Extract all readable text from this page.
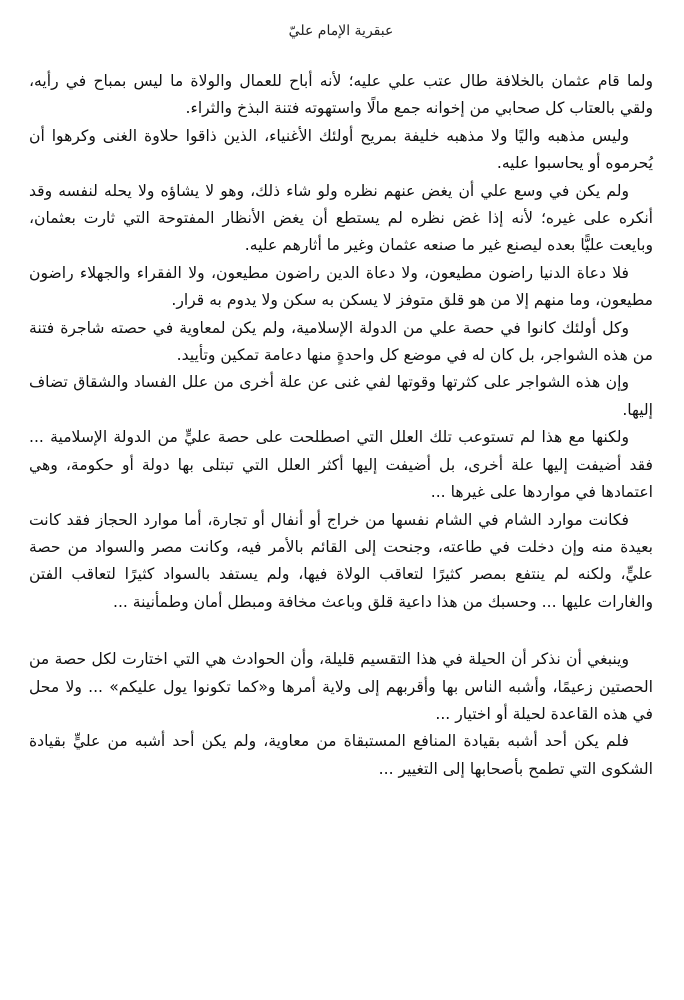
عبقرية الإمام عليّ

ولما قام عثمان بالخلافة طال عتب علي عليه؛ لأنه أباح للعمال والولاة ما ليس بمباح في رأيه، ولقي بالعتاب كل صحابي من إخوانه جمع مالًا واستهوته فتنة البذخ والثراء.

وليس مذهبه واليًا ولا مذهبه خليفة بمريح أولئك الأغنياء، الذين ذاقوا حلاوة الغنى وكرهوا أن يُحرموه أو يحاسبوا عليه.

ولم يكن في وسع علي أن يغض عنهم نظره ولو شاء ذلك، وهو لا يشاؤه ولا يحله لنفسه وقد أنكره على غيره؛ لأنه إذا غض نظره لم يستطع أن يغض الأنظار المفتوحة التي ثارت بعثمان، وبايعت عليًّا بعده ليصنع غير ما صنعه عثمان وغير ما أثارهم عليه.

فلا دعاة الدنيا راضون مطيعون، ولا دعاة الدين راضون مطيعون، ولا الفقراء والجهلاء راضون مطيعون، وما منهم إلا من هو قلق متوفز لا يسكن به سكن ولا يدوم به قرار.

وكل أولئك كانوا في حصة علي من الدولة الإسلامية، ولم يكن لمعاوية في حصته شاجرة فتنة من هذه الشواجر، بل كان له في موضع كل واحدةٍ منها دعامة تمكين وتأييد.

وإن هذه الشواجر على كثرتها وقوتها لفي غنى عن علة أخرى من علل الفساد والشقاق تضاف إليها.

ولكنها مع هذا لم تستوعب تلك العلل التي اصطلحت على حصة عليٍّ من الدولة الإسلامية ... فقد أضيفت إليها علة أخرى، بل أضيفت إليها أكثر العلل التي تبتلى بها دولة أو حكومة، وهي اعتمادها في مواردها على غيرها ...

فكانت موارد الشام في الشام نفسها من خراج أو أنفال أو تجارة، أما موارد الحجاز فقد كانت بعيدة منه وإن دخلت في طاعته، وجنحت إلى القائم بالأمر فيه، وكانت مصر والسواد من حصة عليٍّ، ولكنه لم ينتفع بمصر كثيرًا لتعاقب الولاة فيها، ولم يستفد بالسواد كثيرًا لتعاقب الفتن والغارات عليها ... وحسبك من هذا داعية قلق وباعث مخافة ومبطل أمان وطمأنينة ...

وينبغي أن نذكر أن الحيلة في هذا التقسيم قليلة، وأن الحوادث هي التي اختارت لكل حصة من الحصتين زعيمًا، وأشبه الناس بها وأقربهم إلى ولاية أمرها و«كما تكونوا يول عليكم» ... ولا محل في هذه القاعدة لحيلة أو اختيار ...

فلم يكن أحد أشبه بقيادة المنافع المستبقاة من معاوية، ولم يكن أحد أشبه من عليٍّ بقيادة الشكوى التي تطمح بأصحابها إلى التغيير ...
